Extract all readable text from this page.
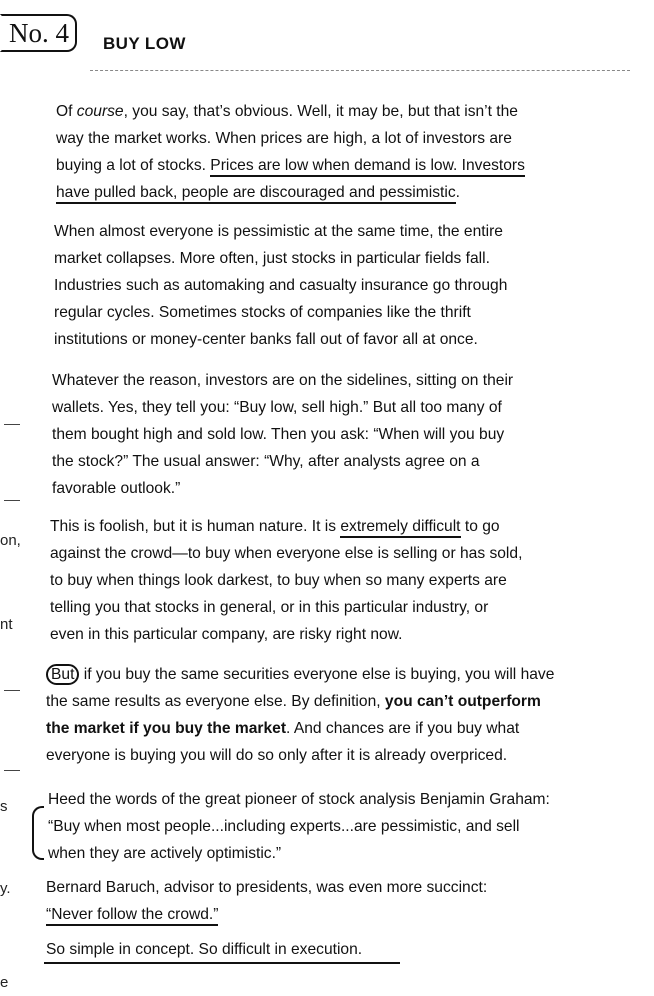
No. 4	BUY LOW
Of course, you say, that’s obvious. Well, it may be, but that isn’t the
way the market works. When prices are high, a lot of investors are
buying a lot of stocks. Prices are low when demand is low. Investors
have pulled back, people are discouraged and pessimistic.
When almost everyone is pessimistic at the same time, the entire
market collapses. More often, just stocks in particular fields fall.
Industries such as automaking and casualty insurance go through
regular cycles. Sometimes stocks of companies like the thrift
institutions or money-center banks fall out of favor all at once.
Whatever the reason, investors are on the sidelines, sitting on their
wallets. Yes, they tell you: “Buy low, sell high.” But all too many of
them bought high and sold low. Then you ask: “When will you buy
the stock?” The usual answer: “Why, after analysts agree on a
favorable outlook.”
This is foolish, but it is human nature. It is extremely difficult to go
against the crowd—to buy when everyone else is selling or has sold,
to buy when things look darkest, to buy when so many experts are
telling you that stocks in general, or in this particular industry, or
even in this particular company, are risky right now.
But if you buy the same securities everyone else is buying, you will have
the same results as everyone else. By definition, you can’t outperform
the market if you buy the market. And chances are if you buy what
everyone is buying you will do so only after it is already overpriced.
Heed the words of the great pioneer of stock analysis Benjamin Graham:
“Buy when most people...including experts...are pessimistic, and sell
when they are actively optimistic.”
Bernard Baruch, advisor to presidents, was even more succinct:
“Never follow the crowd.”
So simple in concept. So difficult in execution.
on,
nt
s
y.
e
